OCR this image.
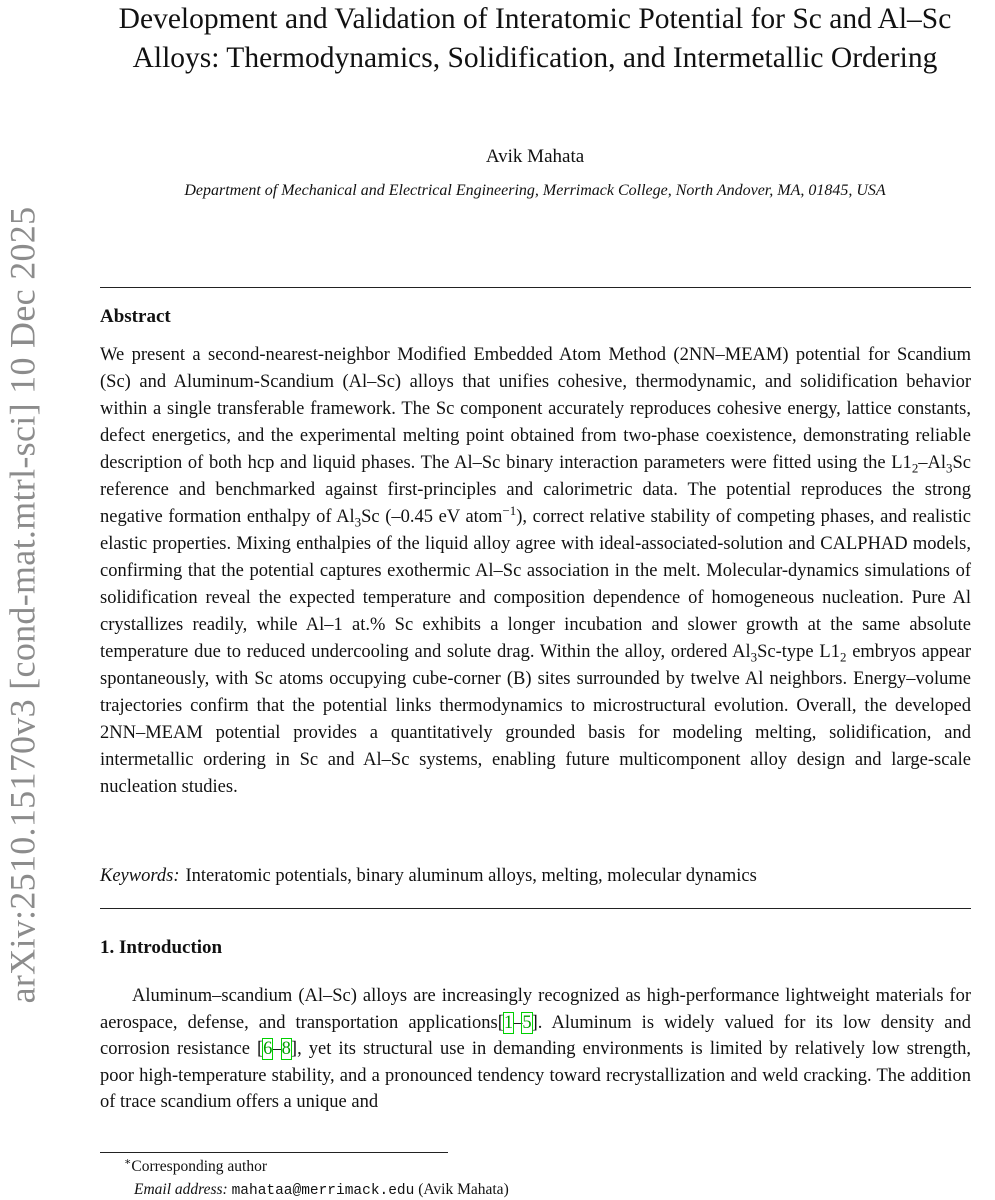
arXiv:2510.15170v3 [cond-mat.mtrl-sci] 10 Dec 2025
Development and Validation of Interatomic Potential for Sc and Al–Sc Alloys: Thermodynamics, Solidification, and Intermetallic Ordering
Avik Mahata
Department of Mechanical and Electrical Engineering, Merrimack College, North Andover, MA, 01845, USA
Abstract

We present a second-nearest-neighbor Modified Embedded Atom Method (2NN–MEAM) potential for Scandium (Sc) and Aluminum-Scandium (Al–Sc) alloys that unifies cohesive, thermodynamic, and solidification behavior within a single transferable framework. The Sc component accurately reproduces cohesive energy, lattice constants, defect energetics, and the experimental melting point obtained from two-phase coexistence, demonstrating reliable description of both hcp and liquid phases. The Al–Sc binary interaction parameters were fitted using the $L1_2-Al_3Sc$ reference and benchmarked against first-principles and calorimetric data. The potential reproduces the strong negative formation enthalpy of $Al_3Sc$ (–0.45 eV atom$^{-1}$), correct relative stability of competing phases, and realistic elastic properties. Mixing enthalpies of the liquid alloy agree with ideal-associated-solution and CALPHAD models, confirming that the potential captures exothermic Al–Sc association in the melt. Molecular-dynamics simulations of solidification reveal the expected temperature and composition dependence of homogeneous nucleation. Pure Al crystallizes readily, while Al–1 at.% Sc exhibits a longer incubation and slower growth at the same absolute temperature due to reduced undercooling and solute drag. Within the alloy, ordered $Al_3Sc$-type $L1_2$ embryos appear spontaneously, with Sc atoms occupying cube-corner (B) sites surrounded by twelve Al neighbors. Energy–volume trajectories confirm that the potential links thermodynamics to microstructural evolution. Overall, the developed 2NN–MEAM potential provides a quantitatively grounded basis for modeling melting, solidification, and intermetallic ordering in Sc and Al–Sc systems, enabling future multicomponent alloy design and large-scale nucleation studies.

Keywords: Interatomic potentials, binary aluminum alloys, melting, molecular dynamics
1. Introduction

Aluminum–scandium (Al–Sc) alloys are increasingly recognized as high-performance lightweight materials for aerospace, defense, and transportation applications[1–5]. Aluminum is widely valued for its low density and corrosion resistance [6–8], yet its structural use in demanding environments is limited by relatively low strength, poor high-temperature stability, and a pronounced tendency toward recrystallization and weld cracking. The addition of trace scandium offers a unique and

∗Corresponding author
Email address: mahataa@merrimack.edu (Avik Mahata)
